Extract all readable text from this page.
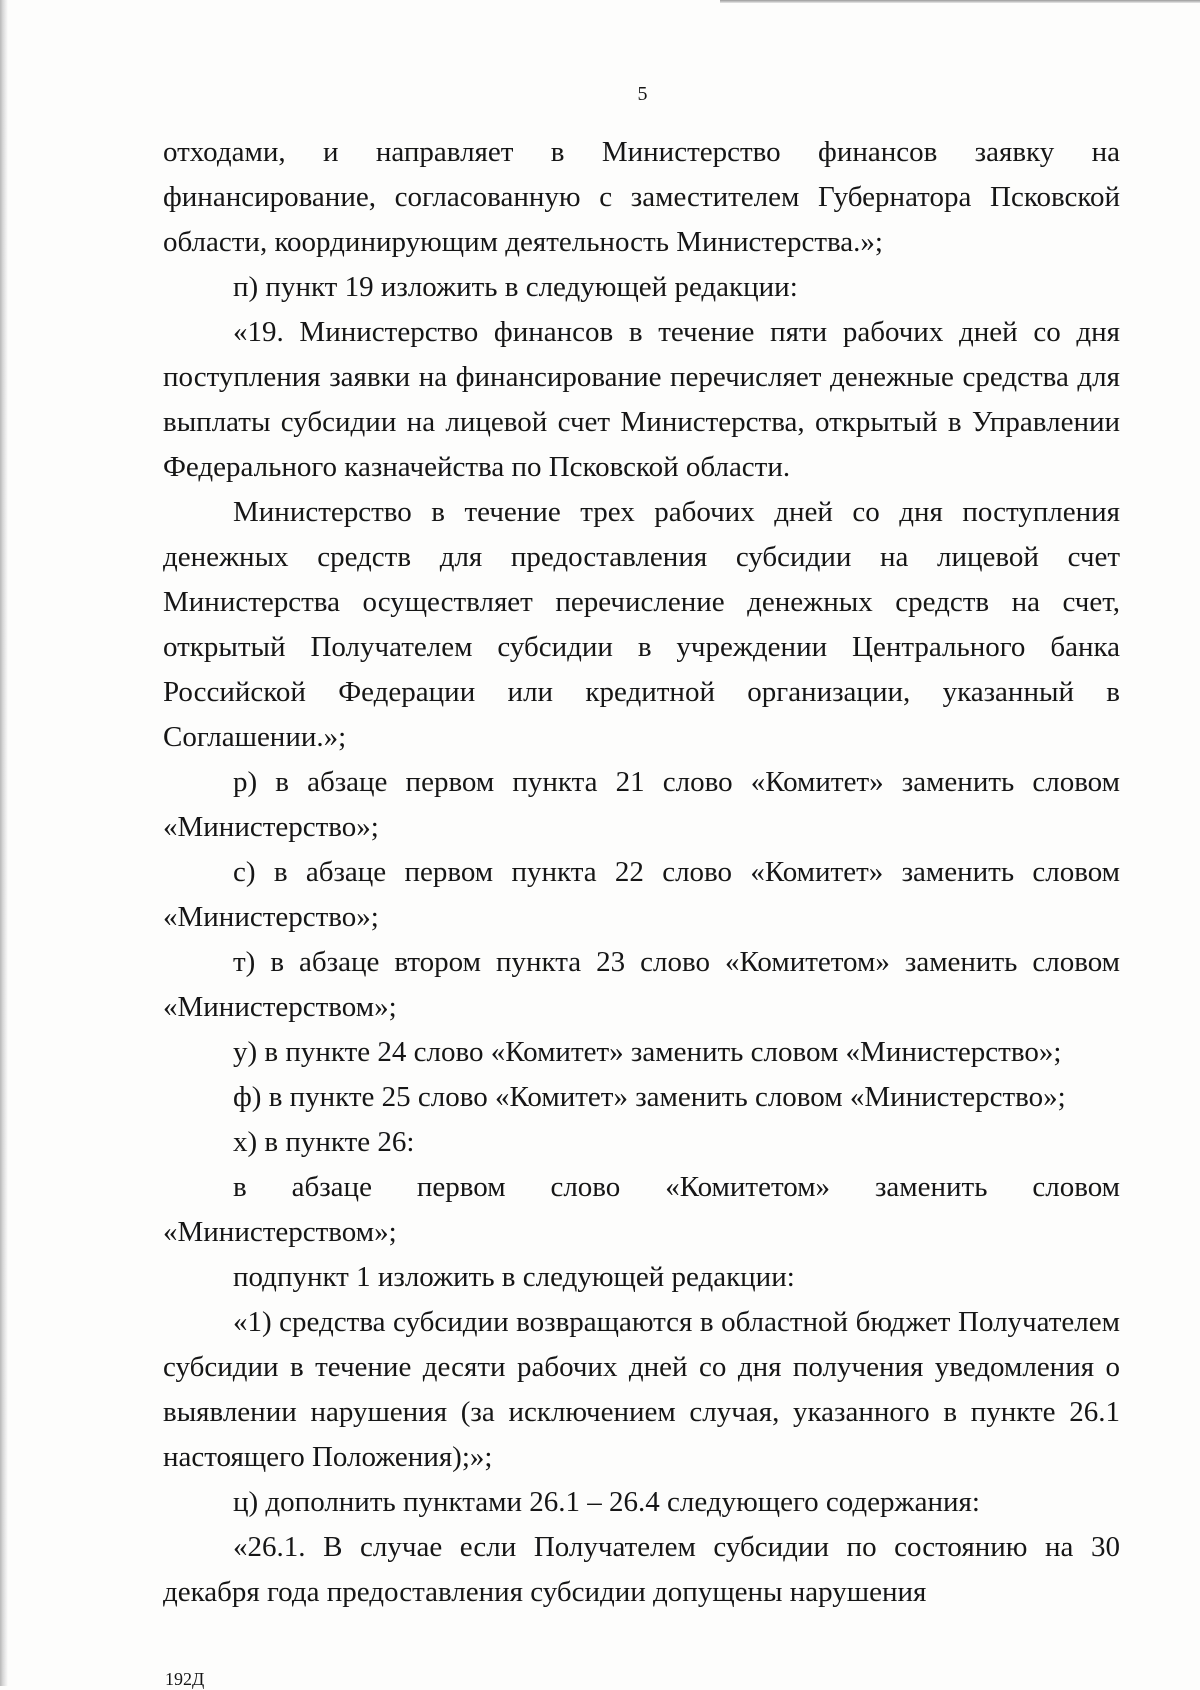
5

отходами, и направляет в Министерство финансов заявку на финансирование, согласованную с заместителем Губернатора Псковской области, координирующим деятельность Министерства.»;

п) пункт 19 изложить в следующей редакции:

«19. Министерство финансов в течение пяти рабочих дней со дня поступления заявки на финансирование перечисляет денежные средства для выплаты субсидии на лицевой счет Министерства, открытый в Управлении Федерального казначейства по Псковской области.

Министерство в течение трех рабочих дней со дня поступления денежных средств для предоставления субсидии на лицевой счет Министерства осуществляет перечисление денежных средств на счет, открытый Получателем субсидии в учреждении Центрального банка Российской Федерации или кредитной организации, указанный в Соглашении.»;

р) в абзаце первом пункта 21 слово «Комитет» заменить словом «Министерство»;

с) в абзаце первом пункта 22 слово «Комитет» заменить словом «Министерство»;

т) в абзаце втором пункта 23 слово «Комитетом» заменить словом «Министерством»;

у) в пункте 24 слово «Комитет» заменить словом «Министерство»;

ф) в пункте 25 слово «Комитет» заменить словом «Министерство»;

х) в пункте 26:

в абзаце первом слово «Комитетом» заменить словом «Министерством»;

подпункт 1 изложить в следующей редакции:

«1) средства субсидии возвращаются в областной бюджет Получателем субсидии в течение десяти рабочих дней со дня получения уведомления о выявлении нарушения (за исключением случая, указанного в пункте 26.1 настоящего Положения);»;

ц) дополнить пунктами 26.1 – 26.4 следующего содержания:

«26.1. В случае если Получателем субсидии по состоянию на 30 декабря года предоставления субсидии допущены нарушения

192Д
